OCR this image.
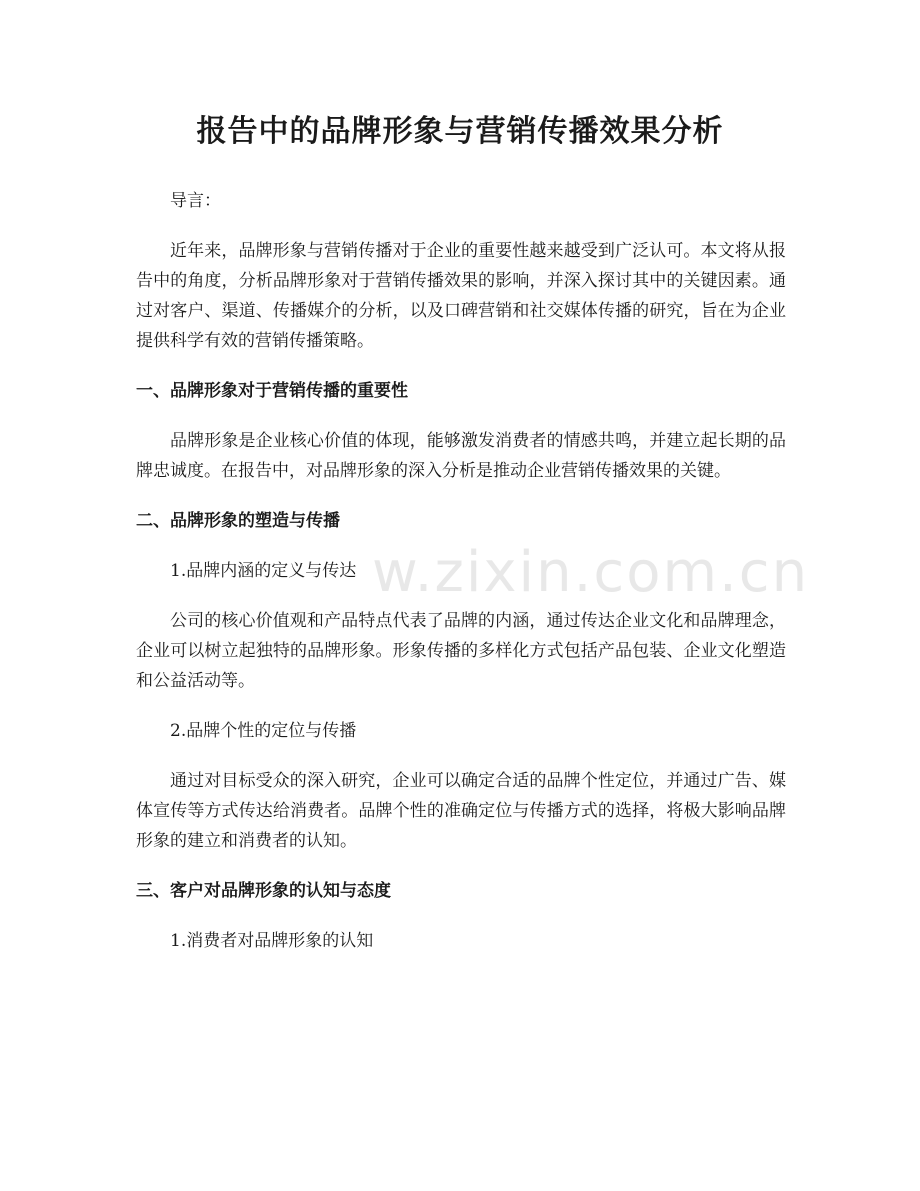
报告中的品牌形象与营销传播效果分析

导言：

近年来，品牌形象与营销传播对于企业的重要性越来越受到广泛认可。本文将从报告中的角度，分析品牌形象对于营销传播效果的影响，并深入探讨其中的关键因素。通过对客户、渠道、传播媒介的分析，以及口碑营销和社交媒体传播的研究，旨在为企业提供科学有效的营销传播策略。

一、品牌形象对于营销传播的重要性

品牌形象是企业核心价值的体现，能够激发消费者的情感共鸣，并建立起长期的品牌忠诚度。在报告中，对品牌形象的深入分析是推动企业营销传播效果的关键。

二、品牌形象的塑造与传播

1.品牌内涵的定义与传达

公司的核心价值观和产品特点代表了品牌的内涵，通过传达企业文化和品牌理念，企业可以树立起独特的品牌形象。形象传播的多样化方式包括产品包装、企业文化塑造和公益活动等。

2.品牌个性的定位与传播

通过对目标受众的深入研究，企业可以确定合适的品牌个性定位，并通过广告、媒体宣传等方式传达给消费者。品牌个性的准确定位与传播方式的选择，将极大影响品牌形象的建立和消费者的认知。

三、客户对品牌形象的认知与态度

1.消费者对品牌形象的认知

w.zixin.com.cn
